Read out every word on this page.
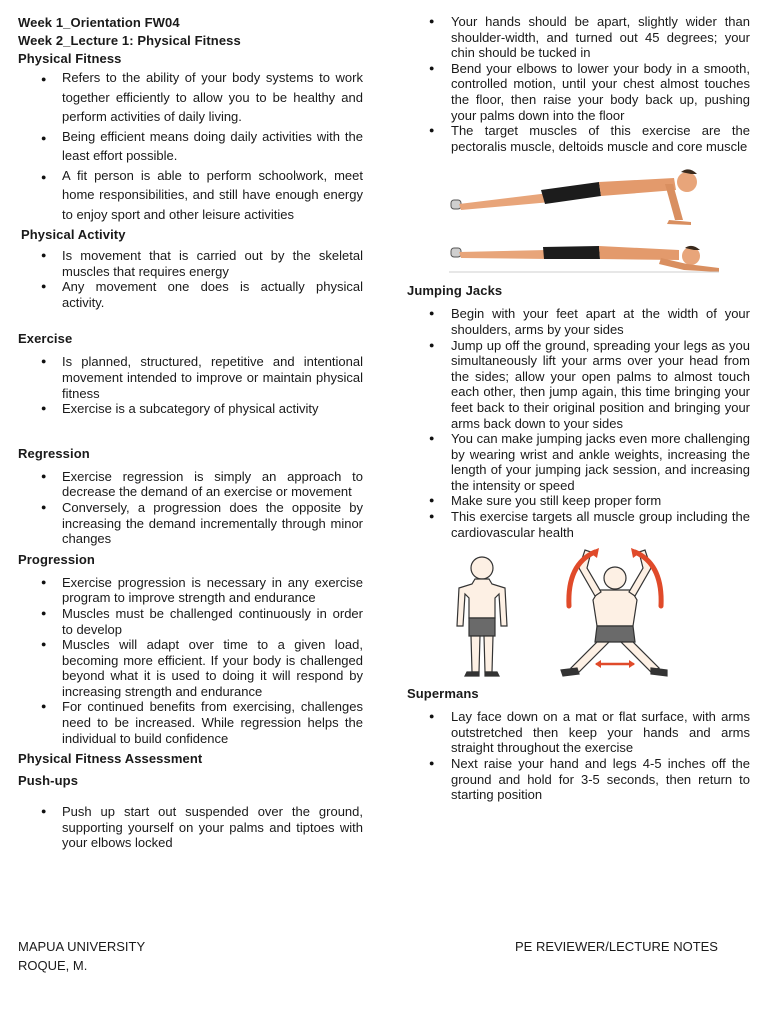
Week 1_Orientation FW04

Week 2_Lecture 1: Physical Fitness

Physical Fitness

● Refers to the ability of your body systems to work together efficiently to allow you to be healthy and perform activities of daily living.
● Being efficient means doing daily activities with the least effort possible.
● A fit person is able to perform schoolwork, meet home responsibilities, and still have enough energy to enjoy sport and other leisure activities

Physical Activity

● Is movement that is carried out by the skeletal muscles that requires energy
● Any movement one does is actually physical activity.

Exercise

● Is planned, structured, repetitive and intentional movement intended to improve or maintain physical fitness
● Exercise is a subcategory of physical activity

Regression

● Exercise regression is simply an approach to decrease the demand of an exercise or movement
● Conversely, a progression does the opposite by increasing the demand incrementally through minor changes

Progression

● Exercise progression is necessary in any exercise program to improve strength and endurance
● Muscles must be challenged continuously in order to develop
● Muscles will adapt over time to a given load, becoming more efficient. If your body is challenged beyond what it is used to doing it will respond by increasing strength and endurance
● For continued benefits from exercising, challenges need to be increased. While regression helps the individual to build confidence

Physical Fitness Assessment

Push-ups

● Push up start out suspended over the ground, supporting yourself on your palms and tiptoes with your elbows locked
● Your hands should be apart, slightly wider than shoulder-width, and turned out 45 degrees; your chin should be tucked in
● Bend your elbows to lower your body in a smooth, controlled motion, until your chest almost touches the floor, then raise your body back up, pushing your palms down into the floor
● The target muscles of this exercise are the pectoralis muscle, deltoids muscle and core muscle

Jumping Jacks

● Begin with your feet apart at the width of your shoulders, arms by your sides
● Jump up off the ground, spreading your legs as you simultaneously lift your arms over your head from the sides; allow your open palms to almost touch each other, then jump again, this time bringing your feet back to their original position and bringing your arms back down to your sides
● You can make jumping jacks even more challenging by wearing wrist and ankle weights, increasing the length of your jumping jack session, and increasing the intensity or speed
● Make sure you still keep proper form
● This exercise targets all muscle group including the cardiovascular health

Supermans

● Lay face down on a mat or flat surface, with arms outstretched then keep your hands and arms straight throughout the exercise
● Next raise your hand and legs 4-5 inches off the ground and hold for 3-5 seconds, then return to starting position
MAPUA UNIVERSITY
ROQUE, M.
PE REVIEWER/LECTURE NOTES
